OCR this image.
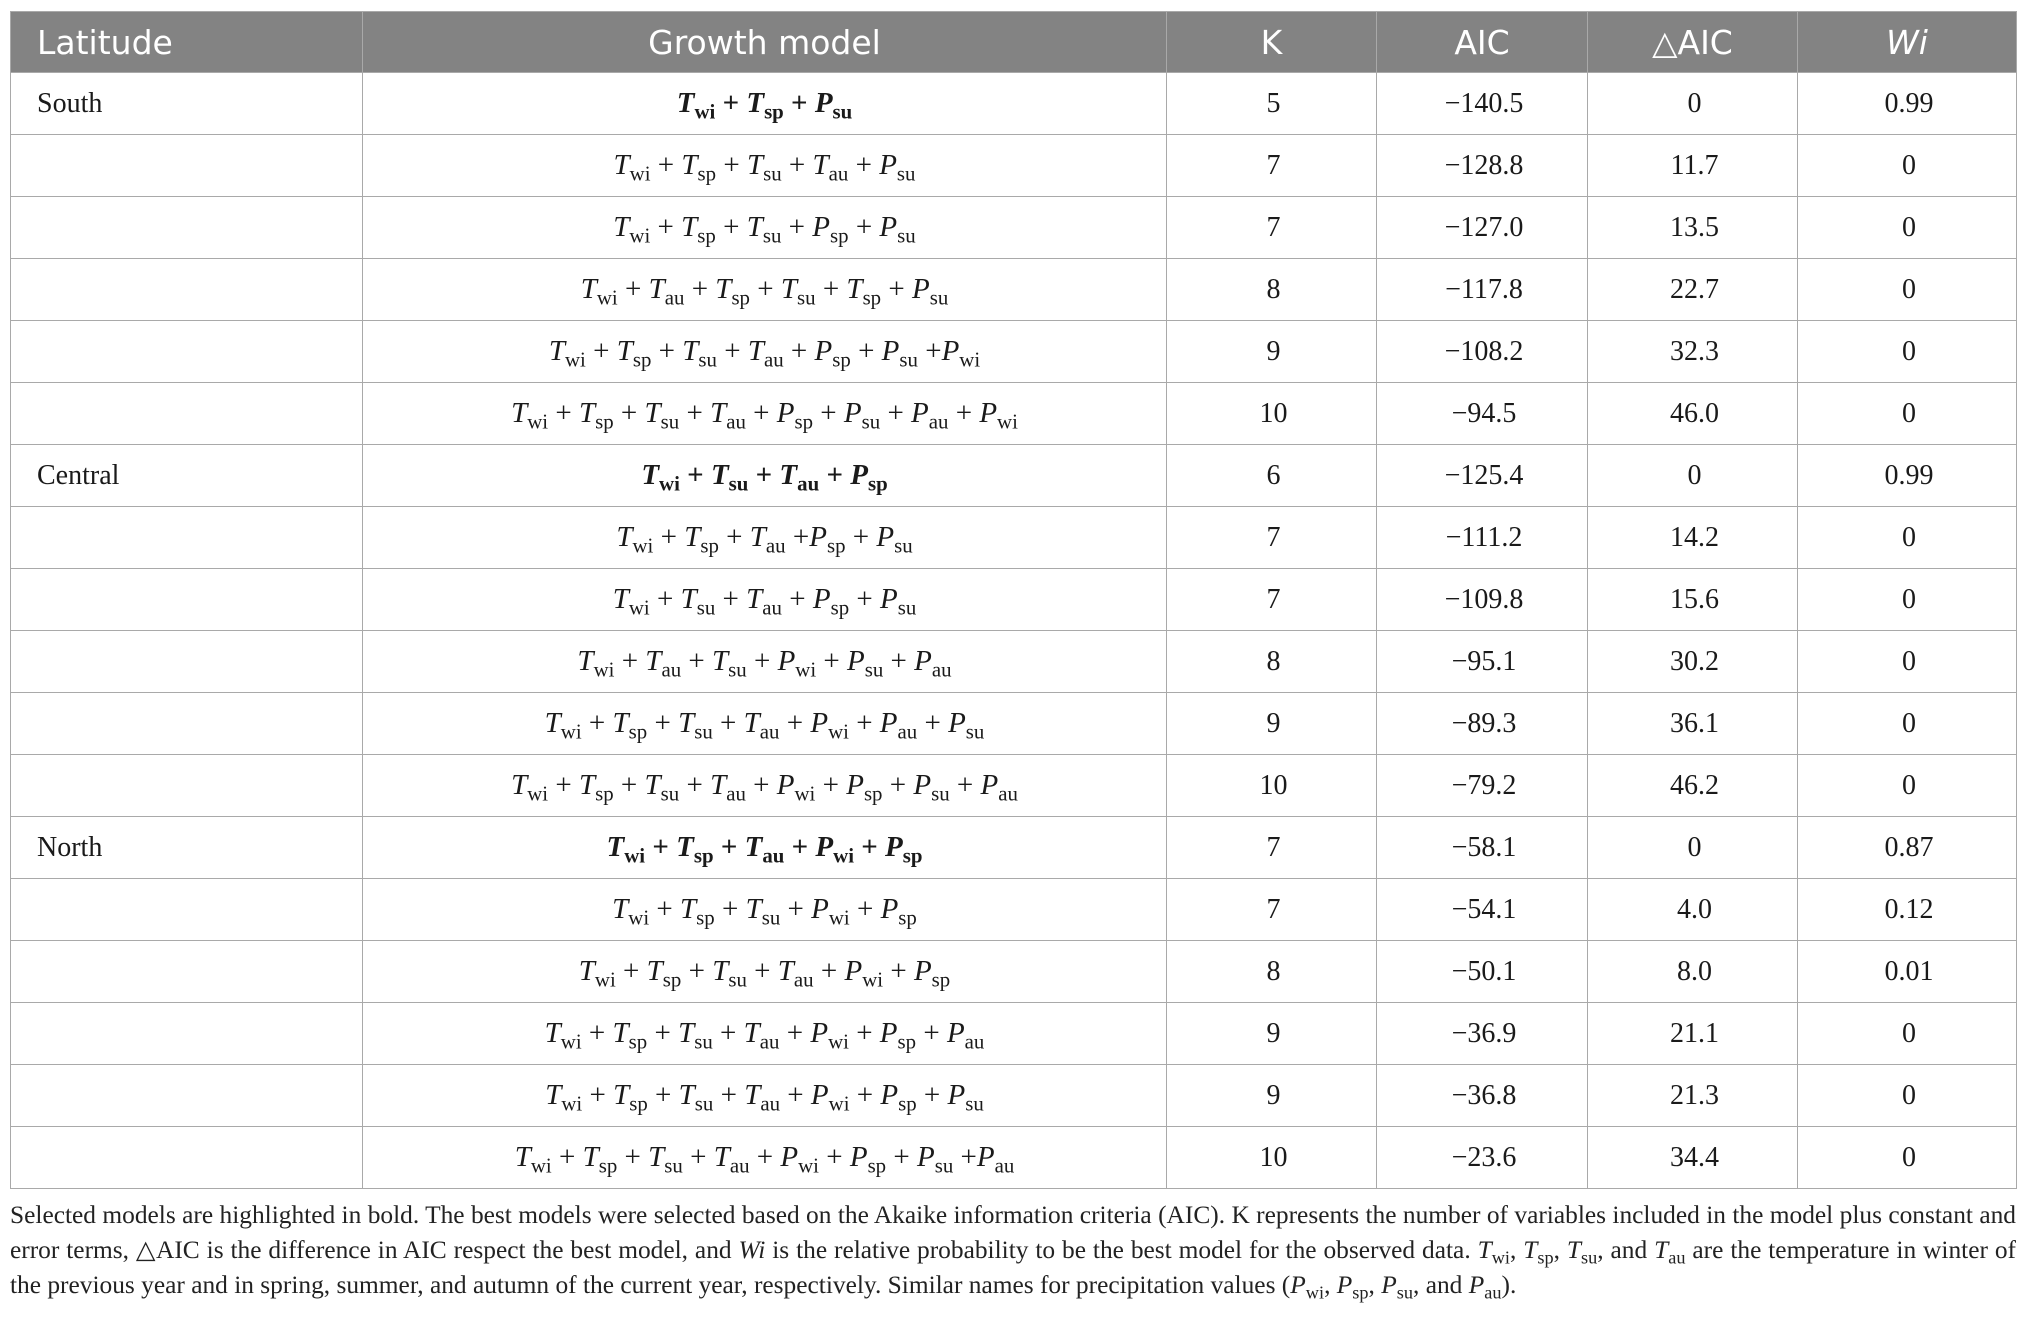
Latitude	Growth model	K	AIC	△AIC	Wi
South	$T_{wi} + T_{sp} + P_{su}$	5	−140.5	0	0.99
	$T_{wi} + T_{sp} + T_{su} + T_{au} + P_{su}$	7	−128.8	11.7	0
	$T_{wi} + T_{sp} + T_{su} + P_{sp} + P_{su}$	7	−127.0	13.5	0
	$T_{wi} + T_{au} + T_{sp} + T_{su} + T_{sp} + P_{su}$	8	−117.8	22.7	0
	$T_{wi} + T_{sp} + T_{su} + T_{au} + P_{sp} + P_{su} +P_{wi}$	9	−108.2	32.3	0
	$T_{wi} + T_{sp} + T_{su} + T_{au} + P_{sp} + P_{su} + P_{au} + P_{wi}$	10	−94.5	46.0	0
Central	$T_{wi} + T_{su} + T_{au} + P_{sp}$	6	−125.4	0	0.99
	$T_{wi} + T_{sp} + T_{au} +P_{sp} + P_{su}$	7	−111.2	14.2	0
	$T_{wi} + T_{su} + T_{au} + P_{sp} + P_{su}$	7	−109.8	15.6	0
	$T_{wi} + T_{au} + T_{su} + P_{wi} + P_{su} + P_{au}$	8	−95.1	30.2	0
	$T_{wi} + T_{sp} + T_{su} + T_{au} + P_{wi} + P_{au} + P_{su}$	9	−89.3	36.1	0
	$T_{wi} + T_{sp} + T_{su} + T_{au} + P_{wi} + P_{sp} + P_{su} + P_{au}$	10	−79.2	46.2	0
North	$T_{wi} + T_{sp} + T_{au} + P_{wi} + P_{sp}$	7	−58.1	0	0.87
	$T_{wi} + T_{sp} + T_{su} + P_{wi} + P_{sp}$	7	−54.1	4.0	0.12
	$T_{wi} + T_{sp} + T_{su} + T_{au} + P_{wi} + P_{sp}$	8	−50.1	8.0	0.01
	$T_{wi} + T_{sp} + T_{su} + T_{au} + P_{wi} + P_{sp} + P_{au}$	9	−36.9	21.1	0
	$T_{wi} + T_{sp} + T_{su} + T_{au} + P_{wi} + P_{sp} + P_{su}$	9	−36.8	21.3	0
	$T_{wi} + T_{sp} + T_{su} + T_{au} + P_{wi} + P_{sp} + P_{su} +P_{au}$	10	−23.6	34.4	0
Selected models are highlighted in bold. The best models were selected based on the Akaike information criteria (AIC). K represents the number of variables included in the model plus constant and error terms, △AIC is the difference in AIC respect the best model, and Wi is the relative probability to be the best model for the observed data. $T_{wi}$, $T_{sp}$, $T_{su}$, and $T_{au}$ are the temperature in winter of the previous year and in spring, summer, and autumn of the current year, respectively. Similar names for precipitation values ($P_{wi}$, $P_{sp}$, $P_{su}$, and $P_{au}$).
